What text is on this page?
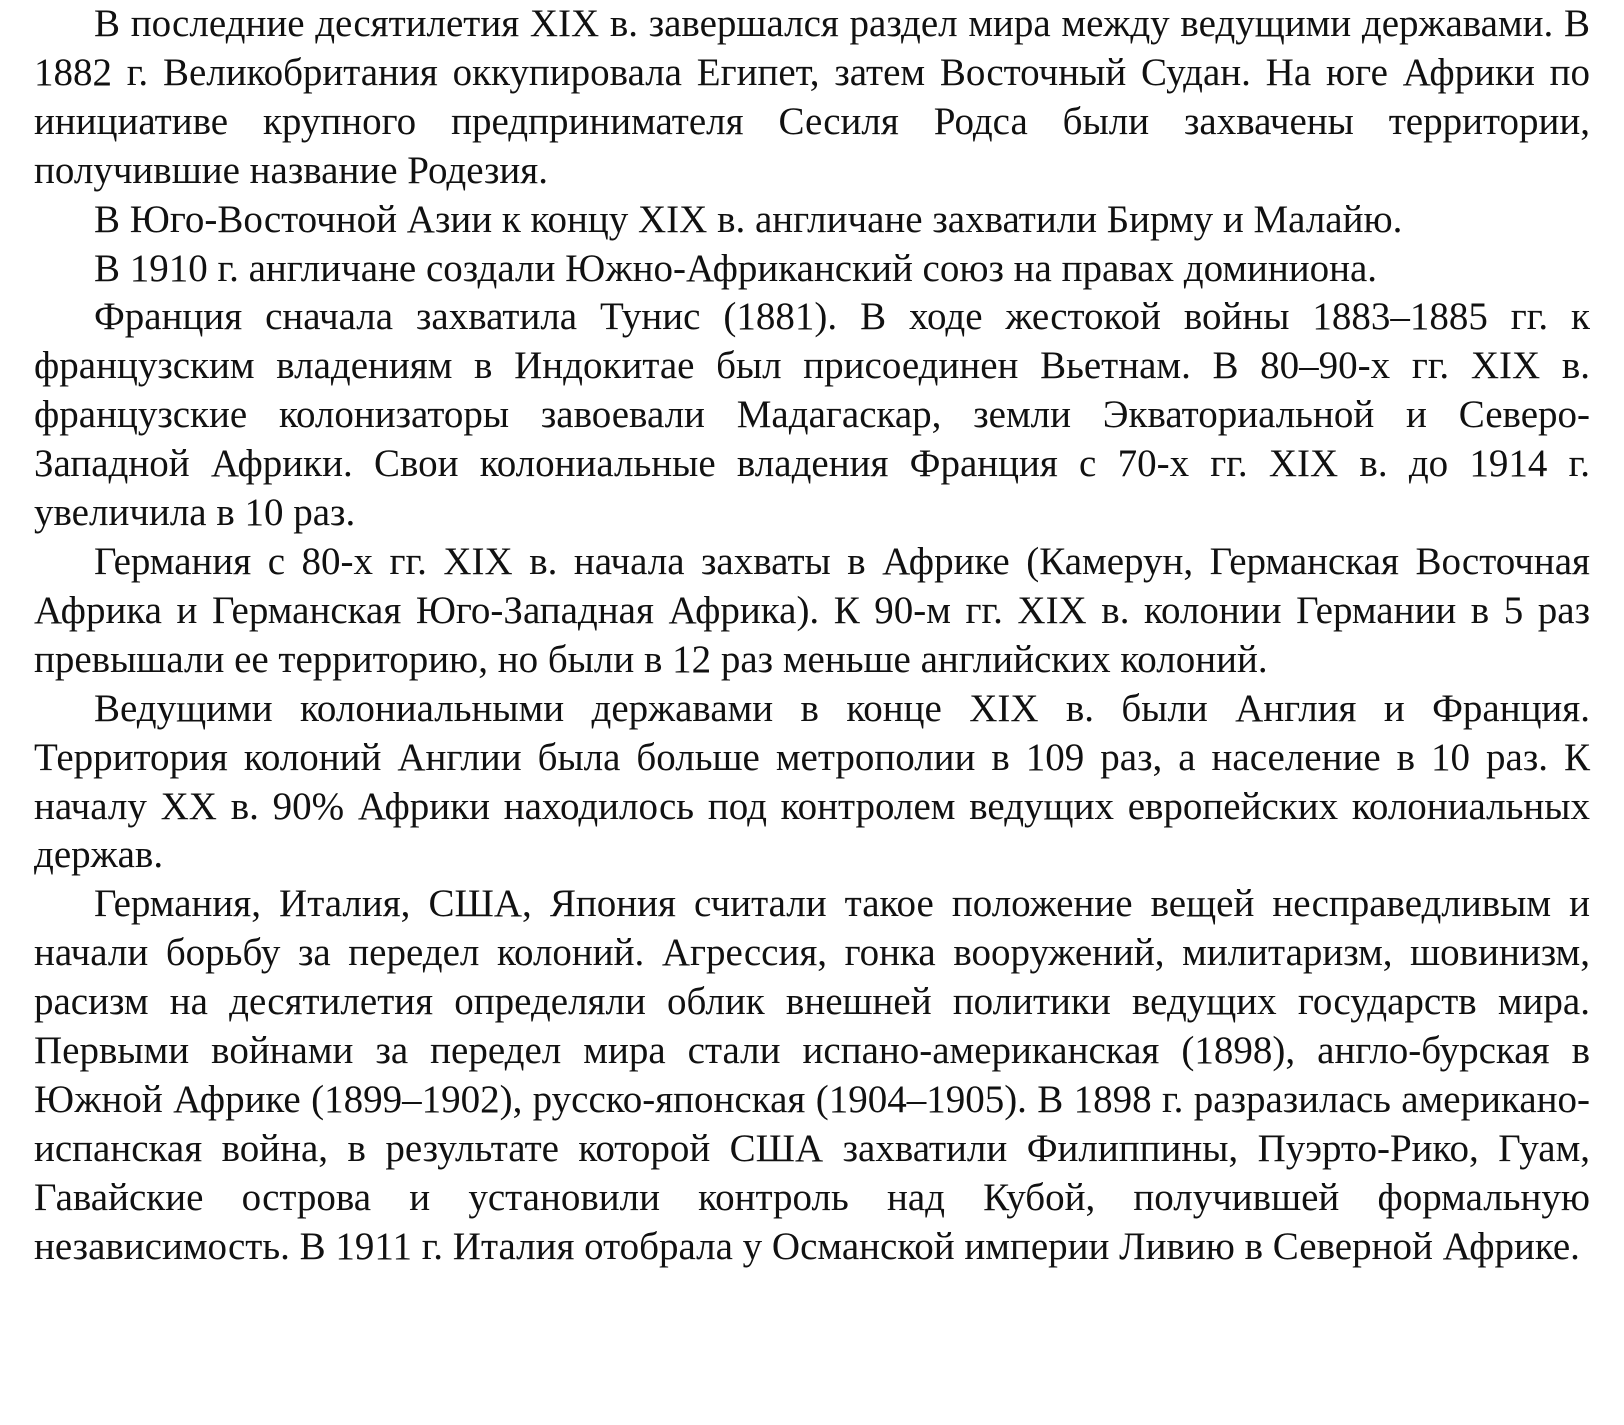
В последние десятилетия XIX в. завершался раздел мира между ведущими державами. В 1882 г. Великобритания оккупировала Египет, затем Восточный Судан. На юге Африки по инициативе крупного предпринимателя Сесиля Родса были захвачены территории, получившие название Родезия.

В Юго-Восточной Азии к концу XIX в. англичане захватили Бирму и Малайю.

В 1910 г. англичане создали Южно-Африканский союз на правах доминиона.

Франция сначала захватила Тунис (1881). В ходе жестокой войны 1883–1885 гг. к французским владениям в Индокитае был присоединен Вьетнам. В 80–90-х гг. XIX в. французские колонизаторы завоевали Мадагаскар, земли Экваториальной и Северо-Западной Африки. Свои колониальные владения Франция с 70-х гг. XIX в. до 1914 г. увеличила в 10 раз.

Германия с 80-х гг. XIX в. начала захваты в Африке (Камерун, Германская Восточная Африка и Германская Юго-Западная Африка). К 90-м гг. XIX в. колонии Германии в 5 раз превышали ее территорию, но были в 12 раз меньше английских колоний.

Ведущими колониальными державами в конце XIX в. были Англия и Франция. Территория колоний Англии была больше метрополии в 109 раз, а население в 10 раз. К началу XX в. 90% Африки находилось под контролем ведущих европейских колониальных держав.

Германия, Италия, США, Япония считали такое положение вещей несправедливым и начали борьбу за передел колоний. Агрессия, гонка вооружений, милитаризм, шовинизм, расизм на десятилетия определяли облик внешней политики ведущих государств мира. Первыми войнами за передел мира стали испано-американская (1898), англо-бурская в Южной Африке (1899–1902), русско-японская (1904–1905). В 1898 г. разразилась американо-испанская война, в результате которой США захватили Филиппины, Пуэрто-Рико, Гуам, Гавайские острова и установили контроль над Кубой, получившей формальную независимость. В 1911 г. Италия отобрала у Османской империи Ливию в Северной Африке.
